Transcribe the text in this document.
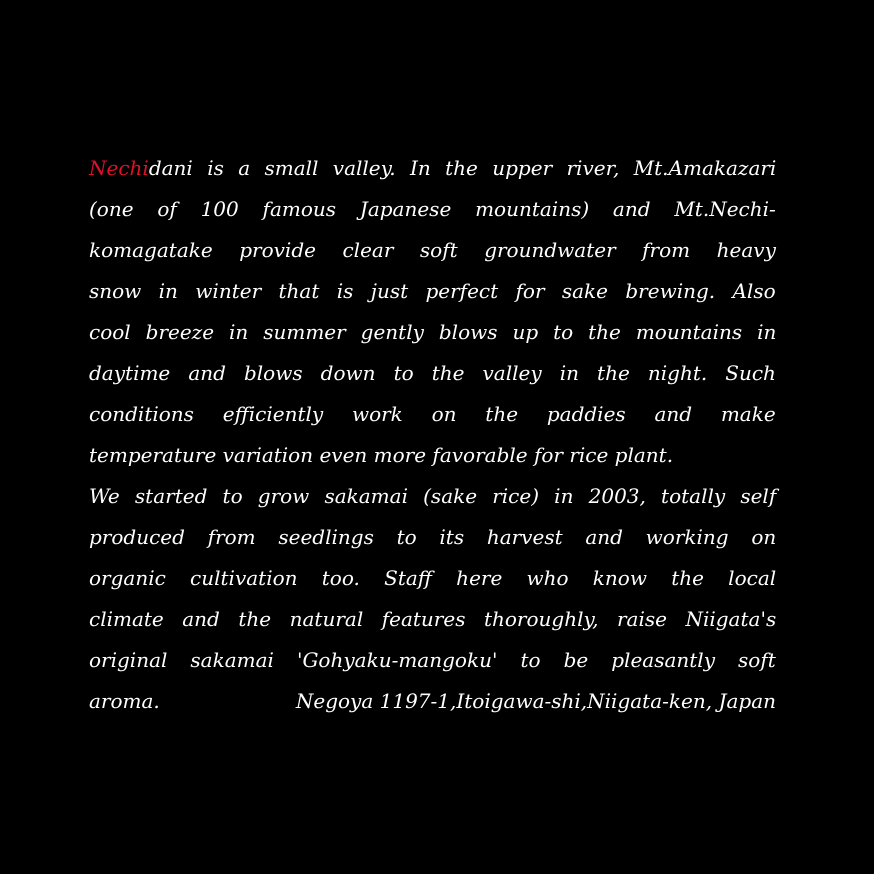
Nechidani is a small valley. In the upper river, Mt.Amakazari
(one of 100 famous Japanese mountains) and Mt.Nechi-
komagatake provide clear soft groundwater from heavy
snow in winter that is just perfect for sake brewing. Also
cool breeze in summer gently blows up to the mountains in
daytime and blows down to the valley in the night. Such
conditions efficiently work on the paddies and make
temperature variation even more favorable for rice plant.
We started to grow sakamai (sake rice) in 2003, totally self
produced from seedlings to its harvest and working on
organic cultivation too. Staff here who know the local
climate and the natural features thoroughly, raise Niigata's
original sakamai 'Gohyaku-mangoku' to be pleasantly soft
aroma.	Negoya 1197-1,Itoigawa-shi,Niigata-ken, Japan
